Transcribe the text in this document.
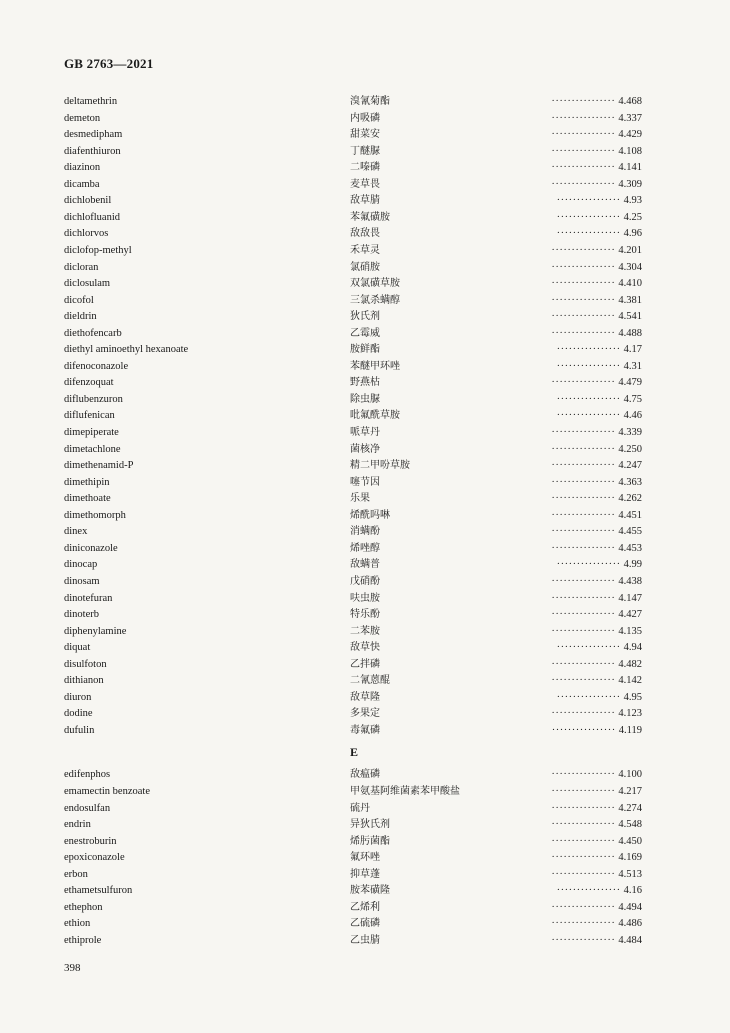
GB 2763—2021
deltamethrin	溴氰菊酯	················ 4.468
demeton	内吸磷	················ 4.337
desmedipham	甜菜安	················ 4.429
diafenthiuron	丁醚脲	················ 4.108
diazinon	二嗪磷	················ 4.141
dicamba	麦草畏	················ 4.309
dichlobenil	敌草腈	················ 4.93
dichlofluanid	苯氟磺胺	················ 4.25
dichlorvos	敌敌畏	················ 4.96
diclofop-methyl	禾草灵	················ 4.201
dicloran	氯硝胺	················ 4.304
diclosulam	双氯磺草胺	················ 4.410
dicofol	三氯杀螨醇	················ 4.381
dieldrin	狄氏剂	················ 4.541
diethofencarb	乙霉威	················ 4.488
diethyl aminoethyl hexanoate	胺鲜酯	················ 4.17
difenoconazole	苯醚甲环唑	················ 4.31
difenzoquat	野燕枯	················ 4.479
diflubenzuron	除虫脲	················ 4.75
diflufenican	吡氟酰草胺	················ 4.46
dimepiperate	哌草丹	················ 4.339
dimetachlone	菌核净	················ 4.250
dimethenamid-P	精二甲吩草胺	················ 4.247
dimethipin	噻节因	················ 4.363
dimethoate	乐果	················ 4.262
dimethomorph	烯酰吗啉	················ 4.451
dinex	消螨酚	················ 4.455
diniconazole	烯唑醇	················ 4.453
dinocap	敌螨普	················ 4.99
dinosam	戊硝酚	················ 4.438
dinotefuran	呋虫胺	················ 4.147
dinoterb	特乐酚	················ 4.427
diphenylamine	二苯胺	················ 4.135
diquat	敌草快	················ 4.94
disulfoton	乙拌磷	················ 4.482
dithianon	二氰蒽醌	················ 4.142
diuron	敌草隆	················ 4.95
dodine	多果定	················ 4.123
dufulin	毒氟磷	················ 4.119
E
edifenphos	敌瘟磷	················ 4.100
emamectin benzoate	甲氨基阿维菌素苯甲酸盐	················ 4.217
endosulfan	硫丹	················ 4.274
endrin	异狄氏剂	················ 4.548
enestroburin	烯肟菌酯	················ 4.450
epoxiconazole	氟环唑	················ 4.169
erbon	抑草蓬	················ 4.513
ethametsulfuron	胺苯磺隆	················ 4.16
ethephon	乙烯利	················ 4.494
ethion	乙硫磷	················ 4.486
ethiprole	乙虫腈	················ 4.484
398
